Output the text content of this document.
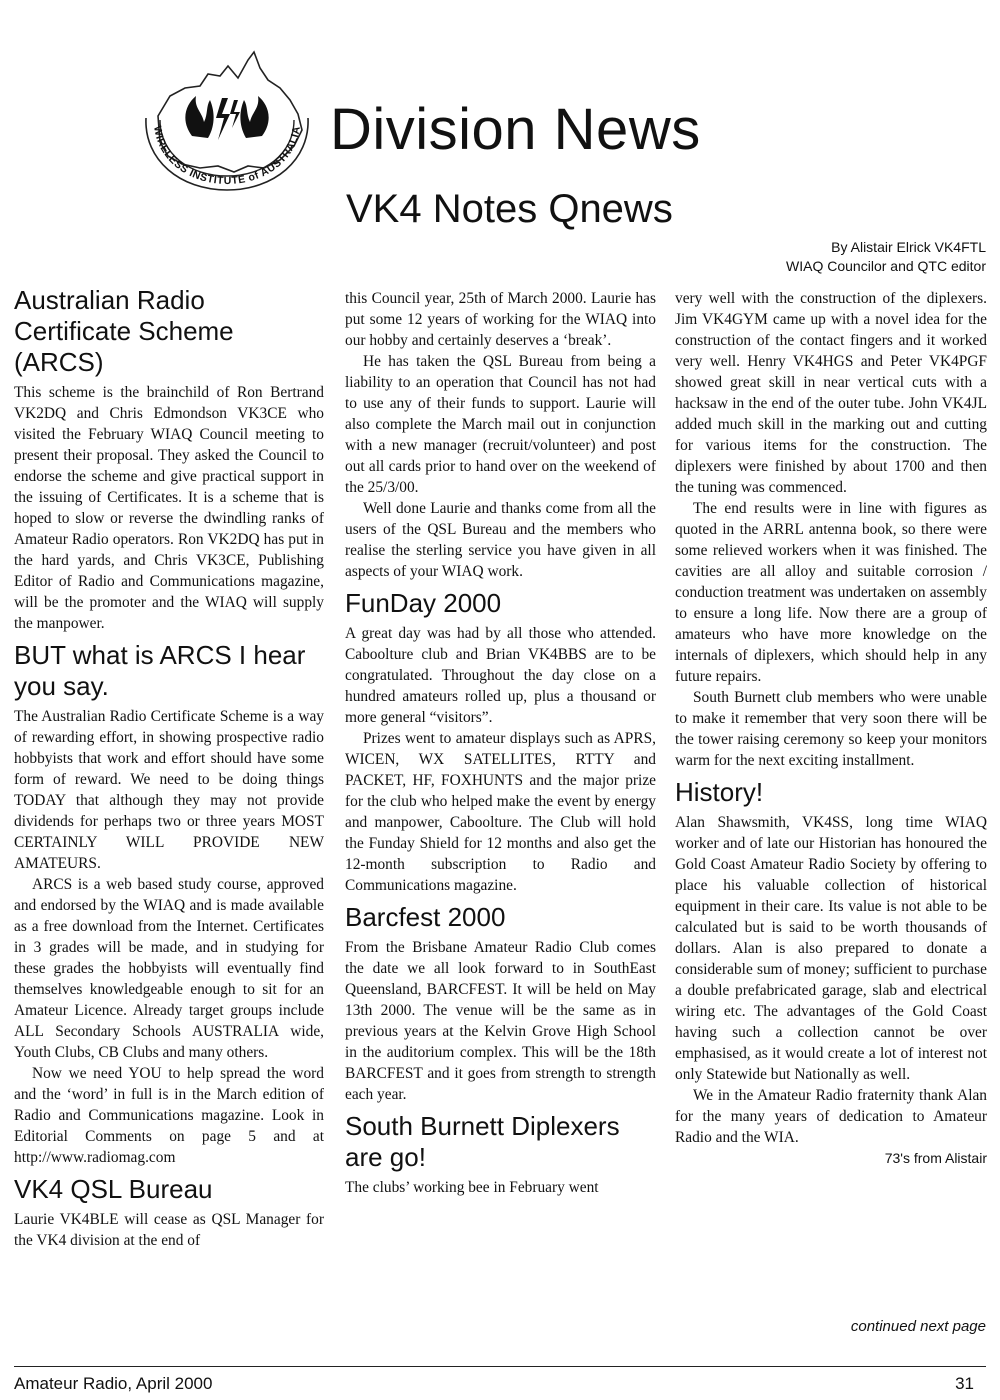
WIRELESS INSTITUTE of AUSTRALIA Division News
VK4 Notes Qnews
By Alistair Elrick VK4FTL
WIAQ Councilor and QTC editor
Australian Radio Certificate Scheme (ARCS)

This scheme is the brainchild of Ron Bertrand VK2DQ and Chris Edmondson VK3CE who visited the February WIAQ Council meeting to present their proposal. They asked the Council to endorse the scheme and give practical support in the issuing of Certificates. It is a scheme that is hoped to slow or reverse the dwindling ranks of Amateur Radio operators. Ron VK2DQ has put in the hard yards, and Chris VK3CE, Publishing Editor of Radio and Communications magazine, will be the promoter and the WIAQ will supply the manpower.

BUT what is ARCS I hear you say.

The Australian Radio Certificate Scheme is a way of rewarding effort, in showing prospective radio hobbyists that work and effort should have some form of reward. We need to be doing things TODAY that although they may not provide dividends for perhaps two or three years MOST CERTAINLY WILL PROVIDE NEW AMATEURS.

ARCS is a web based study course, approved and endorsed by the WIAQ and is made available as a free download from the Internet. Certificates in 3 grades will be made, and in studying for these grades the hobbyists will eventually find themselves knowledgeable enough to sit for an Amateur Licence. Already target groups include ALL Secondary Schools AUSTRALIA wide, Youth Clubs, CB Clubs and many others.

Now we need YOU to help spread the word and the ‘word’ in full is in the March edition of Radio and Communications magazine. Look in Editorial Comments on page 5 and at http://www.radiomag.com

VK4 QSL Bureau

Laurie VK4BLE will cease as QSL Manager for the VK4 division at the end of

this Council year, 25th of March 2000. Laurie has put some 12 years of working for the WIAQ into our hobby and certainly deserves a ‘break’.

He has taken the QSL Bureau from being a liability to an operation that Council has not had to use any of their funds to support. Laurie will also complete the March mail out in conjunction with a new manager (recruit/volunteer) and post out all cards prior to hand over on the weekend of the 25/3/00.

Well done Laurie and thanks come from all the users of the QSL Bureau and the members who realise the sterling service you have given in all aspects of your WIAQ work.

FunDay 2000

A great day was had by all those who attended. Caboolture club and Brian VK4BBS are to be congratulated. Throughout the day close on a hundred amateurs rolled up, plus a thousand or more general “visitors”.

Prizes went to amateur displays such as APRS, WICEN, WX SATELLITES, RTTY and PACKET, HF, FOXHUNTS and the major prize for the club who helped make the event by energy and manpower, Caboolture. The Club will hold the Funday Shield for 12 months and also get the 12-month subscription to Radio and Communications magazine.

Barcfest 2000

From the Brisbane Amateur Radio Club comes the date we all look forward to in SouthEast Queensland, BARCFEST. It will be held on May 13th 2000. The venue will be the same as in previous years at the Kelvin Grove High School in the auditorium complex. This will be the 18th BARCFEST and it goes from strength to strength each year.

South Burnett Diplexers are go!

The clubs’ working bee in February went

very well with the construction of the diplexers. Jim VK4GYM came up with a novel idea for the construction of the contact fingers and it worked very well. Henry VK4HGS and Peter VK4PGF showed great skill in near vertical cuts with a hacksaw in the end of the outer tube. John VK4JL added much skill in the marking out and cutting for various items for the construction. The diplexers were finished by about 1700 and then the tuning was commenced.

The end results were in line with figures as quoted in the ARRL antenna book, so there were some relieved workers when it was finished. The cavities are all alloy and suitable corrosion / conduction treatment was undertaken on assembly to ensure a long life. Now there are a group of amateurs who have more knowledge on the internals of diplexers, which should help in any future repairs.

South Burnett club members who were unable to make it remember that very soon there will be the tower raising ceremony so keep your monitors warm for the next exciting installment.

History!

Alan Shawsmith, VK4SS, long time WIAQ worker and of late our Historian has honoured the Gold Coast Amateur Radio Society by offering to place his valuable collection of historical equipment in their care. Its value is not able to be calculated but is said to be worth thousands of dollars. Alan is also prepared to donate a considerable sum of money; sufficient to purchase a double prefabricated garage, slab and electrical wiring etc. The advantages of the Gold Coast having such a collection cannot be over emphasised, as it would create a lot of interest not only Statewide but Nationally as well.

We in the Amateur Radio fraternity thank Alan for the many years of dedication to Amateur Radio and the WIA.

73's from Alistair
continued next page
Amateur Radio, April 2000	31
